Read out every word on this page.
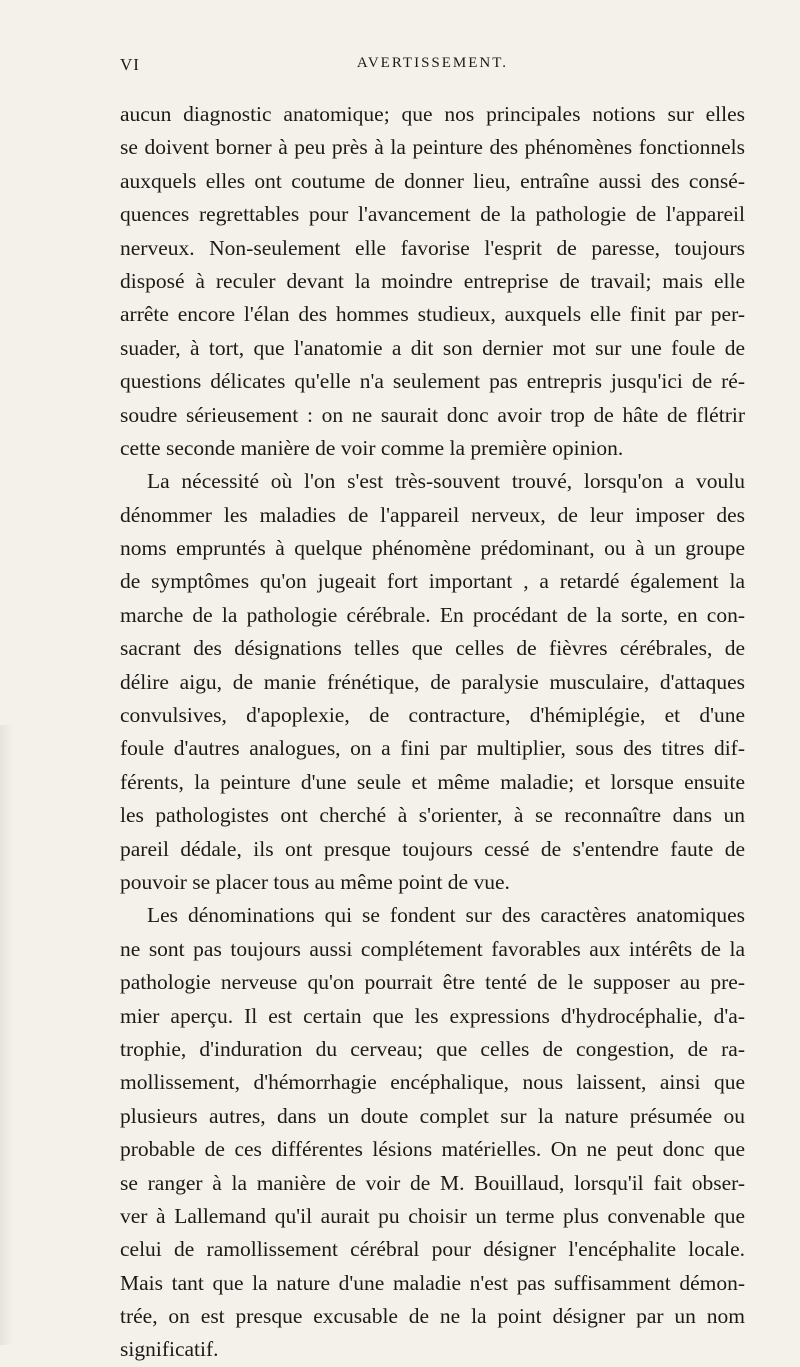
VI	AVERTISSEMENT.
aucun diagnostic anatomique; que nos principales notions sur elles
se doivent borner à peu près à la peinture des phénomènes fonctionnels
auxquels elles ont coutume de donner lieu, entraîne aussi des consé-
quences regrettables pour l'avancement de la pathologie de l'appareil
nerveux. Non-seulement elle favorise l'esprit de paresse, toujours
disposé à reculer devant la moindre entreprise de travail; mais elle
arrête encore l'élan des hommes studieux, auxquels elle finit par per-
suader, à tort, que l'anatomie a dit son dernier mot sur une foule de
questions délicates qu'elle n'a seulement pas entrepris jusqu'ici de ré-
soudre sérieusement : on ne saurait donc avoir trop de hâte de flétrir
cette seconde manière de voir comme la première opinion.
La nécessité où l'on s'est très-souvent trouvé, lorsqu'on a voulu
dénommer les maladies de l'appareil nerveux, de leur imposer des
noms empruntés à quelque phénomène prédominant, ou à un groupe
de symptômes qu'on jugeait fort important , a retardé également la
marche de la pathologie cérébrale. En procédant de la sorte, en con-
sacrant des désignations telles que celles de fièvres cérébrales, de
délire aigu, de manie frénétique, de paralysie musculaire, d'attaques
convulsives, d'apoplexie, de contracture, d'hémiplégie, et d'une
foule d'autres analogues, on a fini par multiplier, sous des titres dif-
férents, la peinture d'une seule et même maladie; et lorsque ensuite
les pathologistes ont cherché à s'orienter, à se reconnaître dans un
pareil dédale, ils ont presque toujours cessé de s'entendre faute de
pouvoir se placer tous au même point de vue.
Les dénominations qui se fondent sur des caractères anatomiques
ne sont pas toujours aussi complétement favorables aux intérêts de la
pathologie nerveuse qu'on pourrait être tenté de le supposer au pre-
mier aperçu. Il est certain que les expressions d'hydrocéphalie, d'a-
trophie, d'induration du cerveau; que celles de congestion, de ra-
mollissement, d'hémorrhagie encéphalique, nous laissent, ainsi que
plusieurs autres, dans un doute complet sur la nature présumée ou
probable de ces différentes lésions matérielles. On ne peut donc que
se ranger à la manière de voir de M. Bouillaud, lorsqu'il fait obser-
ver à Lallemand qu'il aurait pu choisir un terme plus convenable que
celui de ramollissement cérébral pour désigner l'encéphalite locale.
Mais tant que la nature d'une maladie n'est pas suffisamment démon-
trée, on est presque excusable de ne la point désigner par un nom
significatif.
